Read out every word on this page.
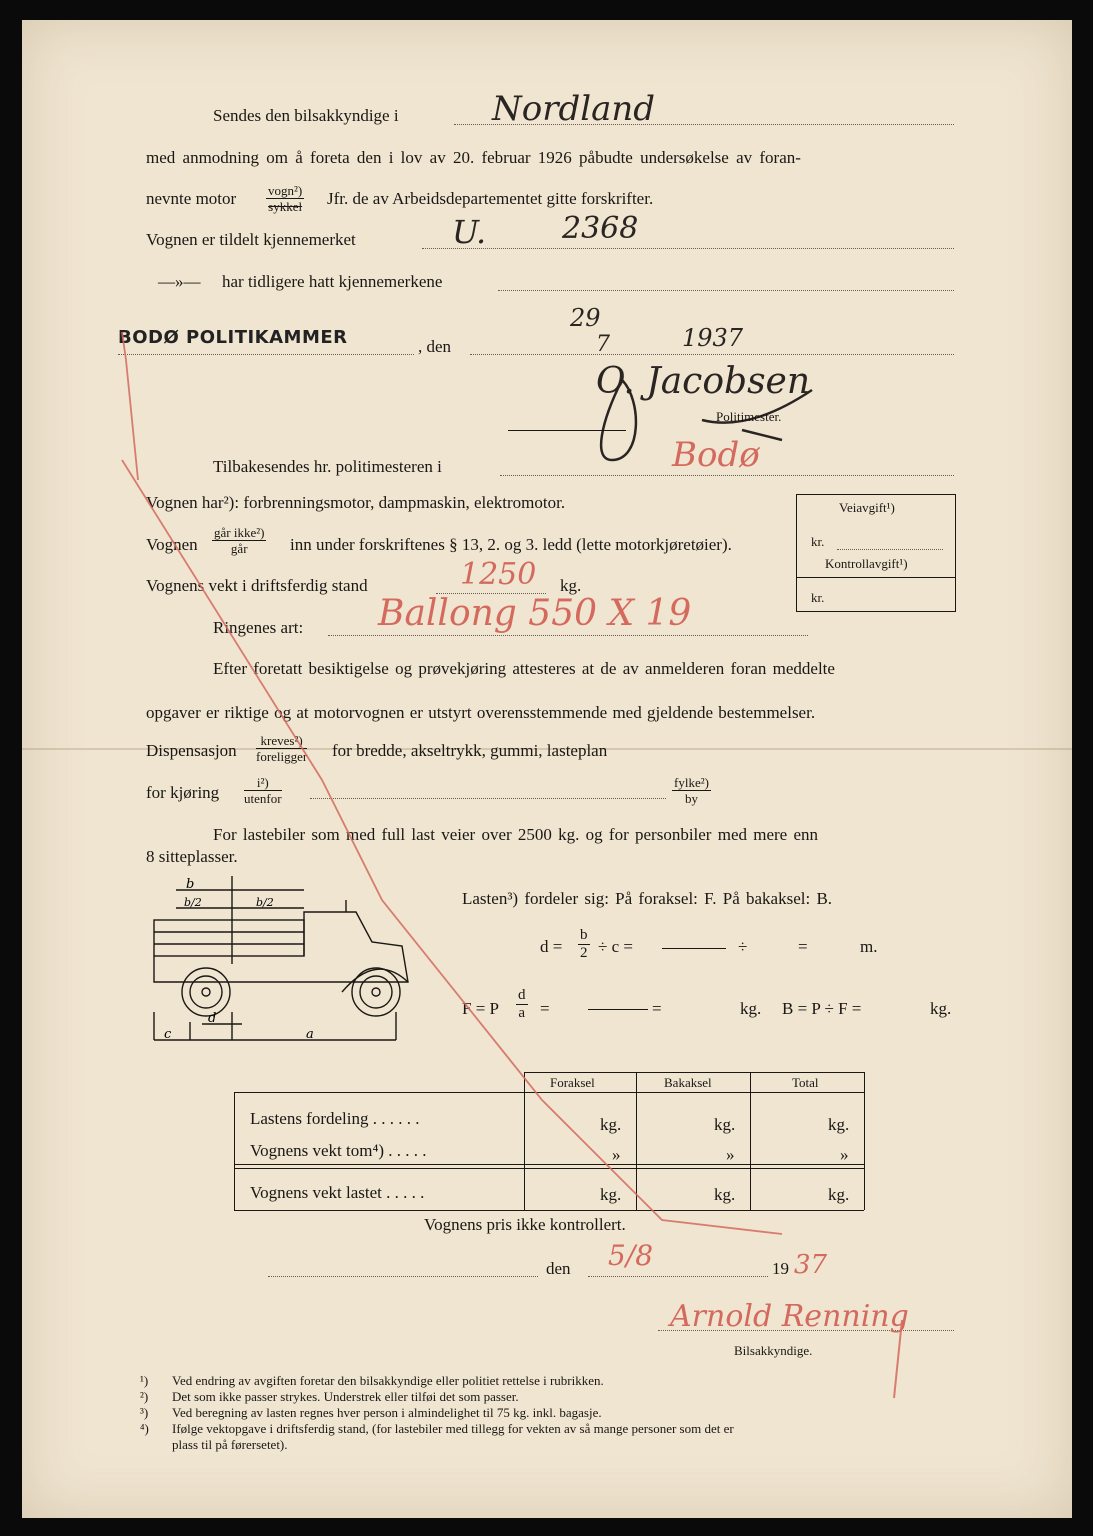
Sendes den bilsakkyndige i	Nordland
med anmodning om å foreta den i lov av 20. februar 1926 påbudte undersøkelse av foran-
nevnte motor vogn²)
sykkel Jfr. de av Arbeidsdepartementet gitte forskrifter.
Vognen er tildelt kjennemerket	U.	2368
—»— har tidligere hatt kjennemerkene
BODØ POLITIKAMMER	, den
29
7	1937
O. Jacobsen
Politimester.
Tilbakesendes hr. politimesteren i	Bodø
Vognen har²): forbrenningsmotor, dampmaskin, elektromotor.
Vognen
går ikke²)
går	inn under forskriftenes § 13, 2. og 3. ledd (lette motorkjøretøier).
Vognens vekt i driftsferdig stand	1250 kg.
Ringenes art: Ballong 550 X 19
Veiavgift¹)
kr.
Kontrollavgift¹)
kr.
Efter foretatt besiktigelse og prøvekjøring attesteres at de av anmelderen foran meddelte
opgaver er riktige og at motorvognen er utstyrt overensstemmende med gjeldende bestemmelser.
Dispensasjon
kreves²)
foreligger for bredde, akseltrykk, gummi, lasteplan
for kjøring
i²)
utenfor
fylke²)
by
For lastebiler som med full last veier over 2500 kg. og for personbiler med mere enn
8 sitteplasser.
b
b/2	b/2
c
d
a
Lasten³) fordeler sig: På foraksel: F. På bakaksel: B.
$d = \frac{b}{2} \div c$ =	÷	=	m.
F = P $\frac{d}{a}$ =	=	kg. B = P ÷ F =	kg.
Foraksel	Bakaksel	Total
Lastens fordeling . . . . . .	kg.	kg.	kg.
Vognens vekt tom⁴) . . . . .	»	»	»
Vognens vekt lastet . . . . .	kg.	kg.	kg.
Vognens pris ikke kontrollert.
den 5/8	19 37
Arnold Renning
Bilsakkyndige.
¹) Ved endring av avgiften foretar den bilsakkyndige eller politiet rettelse i rubrikken.
²) Det som ikke passer strykes. Understrek eller tilføi det som passer.
³) Ved beregning av lasten regnes hver person i almindelighet til 75 kg. inkl. bagasje.
⁴) Ifølge vektopgave i driftsferdig stand, (for lastebiler med tillegg for vekten av så mange personer som det er
plass til på førersetet).
